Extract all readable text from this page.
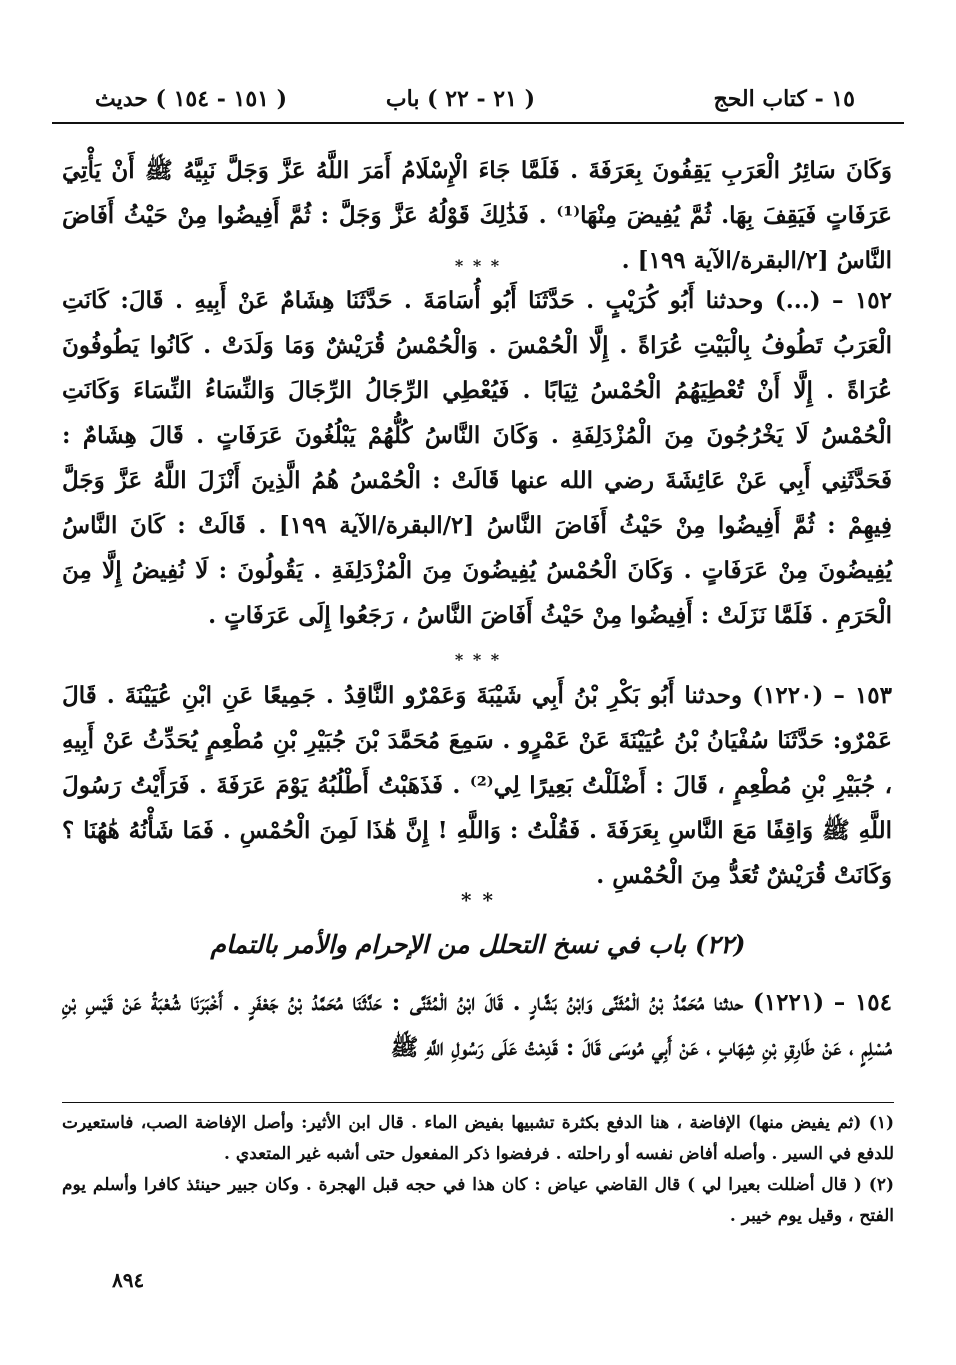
١٥ - كتاب الحج
( ٢١ - ٢٢ ) باب
( ١٥١ - ١٥٤ ) حديث

وَكَانَ سَائِرُ الْعَرَبِ يَقِفُونَ بِعَرَفَةَ . فَلَمَّا جَاءَ الْإِسْلَامُ أَمَرَ اللَّهُ عَزَّ وَجَلَّ نَبِيَّهُ ﷺ أَنْ يَأْتِيَ عَرَفَاتٍ فَيَقِفَ بِهَا. ثُمَّ يُفِيضَ مِنْهَا⁽¹⁾ . فَذَٰلِكَ قَوْلُهُ عَزَّ وَجَلَّ : ثُمَّ أَفِيضُوا مِنْ حَيْثُ أَفَاضَ النَّاسُ [٢/البقرة/الآية ١٩٩] .

* * *

١٥٢ – (...) وحدثنا أَبُو كُرَيْبٍ . حَدَّثَنَا أَبُو أُسَامَةَ . حَدَّثَنَا هِشَامٌ عَنْ أَبِيهِ . قَالَ: كَانَتِ الْعَرَبُ تَطُوفُ بِالْبَيْتِ عُرَاةً . إِلَّا الْحُمْسَ . وَالْحُمْسُ قُرَيْشٌ وَمَا وَلَدَتْ . كَانُوا يَطُوفُونَ عُرَاةً . إِلَّا أَنْ تُعْطِيَهُمُ الْحُمْسُ ثِيَابًا . فَيُعْطِي الرِّجَالُ الرِّجَالَ وَالنِّسَاءُ النِّسَاءَ وَكَانَتِ الْحُمْسُ لَا يَخْرُجُونَ مِنَ الْمُزْدَلِفَةِ . وَكَانَ النَّاسُ كُلُّهُمْ يَبْلُغُونَ عَرَفَاتٍ . قَالَ هِشَامٌ : فَحَدَّثَنِي أَبِي عَنْ عَائِشَةَ رضي الله عنها قَالَتْ : الْحُمْسُ هُمُ الَّذِينَ أَنْزَلَ اللَّهُ عَزَّ وَجَلَّ فِيهِمْ : ثُمَّ أَفِيضُوا مِنْ حَيْثُ أَفَاضَ النَّاسُ [٢/البقرة/الآية ١٩٩] . قَالَتْ : كَانَ النَّاسُ يُفِيضُونَ مِنْ عَرَفَاتٍ . وَكَانَ الْحُمْسُ يُفِيضُونَ مِنَ الْمُزْدَلِفَةِ . يَقُولُونَ : لَا نُفِيضُ إِلَّا مِنَ الْحَرَمِ . فَلَمَّا نَزَلَتْ : أَفِيضُوا مِنْ حَيْثُ أَفَاضَ النَّاسُ ، رَجَعُوا إِلَى عَرَفَاتٍ .

* * *

١٥٣ – (١٢٢٠) وحدثنا أَبُو بَكْرِ بْنُ أَبِي شَيْبَةَ وَعَمْرٌو النَّاقِدُ . جَمِيعًا عَنِ ابْنِ عُيَيْنَةَ . قَالَ عَمْرٌو: حَدَّثَنَا سُفْيَانُ بْنُ عُيَيْنَةَ عَنْ عَمْرٍو . سَمِعَ مُحَمَّدَ بْنَ جُبَيْرِ بْنِ مُطْعِمٍ يُحَدِّثُ عَنْ أَبِيهِ ، جُبَيْرِ بْنِ مُطْعِمٍ ، قَالَ : أَضْلَلْتُ بَعِيرًا لِي⁽²⁾ . فَذَهَبْتُ أَطْلُبُهُ يَوْمَ عَرَفَةَ . فَرَأَيْتُ رَسُولَ اللَّهِ ﷺ وَاقِفًا مَعَ النَّاسِ بِعَرَفَةَ . فَقُلْتُ : وَاللَّهِ ! إِنَّ هَٰذَا لَمِنَ الْحُمْسِ . فَمَا شَأْنُهُ هَٰهُنَا ؟ وَكَانَتْ قُرَيْشٌ تُعَدُّ مِنَ الْحُمْسِ .

* *
(٢٢) باب في نسخ التحلل من الإحرام والأمر بالتمام

١٥٤ – (١٢٢١) حدثنا مُحَمَّدُ بْنُ الْمُثَنَّى وَابْنُ بَشَّارٍ . قَالَ ابْنُ الْمُثَنَّى : حَدَّثَنَا مُحَمَّدُ بْنُ جَعْفَرٍ . أَخْبَرَنَا شُعْبَةُ عَنْ قَيْسِ بْنِ مُسْلِمٍ ، عَنْ طَارِقِ بْنِ شِهَابٍ ، عَنْ أَبِي مُوسَى قَالَ : قَدِمْتُ عَلَى رَسُولِ اللَّهِ ﷺ

(١) (ثم يفيض منها) الإفاضة ، هنا الدفع بكثرة تشبيها بفيض الماء . قال ابن الأثير: وأصل الإفاضة الصب، فاستعيرت للدفع في السير . وأصله أفاض نفسه أو راحلته . فرفضوا ذكر المفعول حتى أشبه غير المتعدي .

(٢) ( قال أضللت بعيرا لي ) قال القاضي عياض : كان هذا في حجه قبل الهجرة . وكان جبير حينئذ كافرا وأسلم يوم الفتح ، وقيل يوم خيبر .

٨٩٤
